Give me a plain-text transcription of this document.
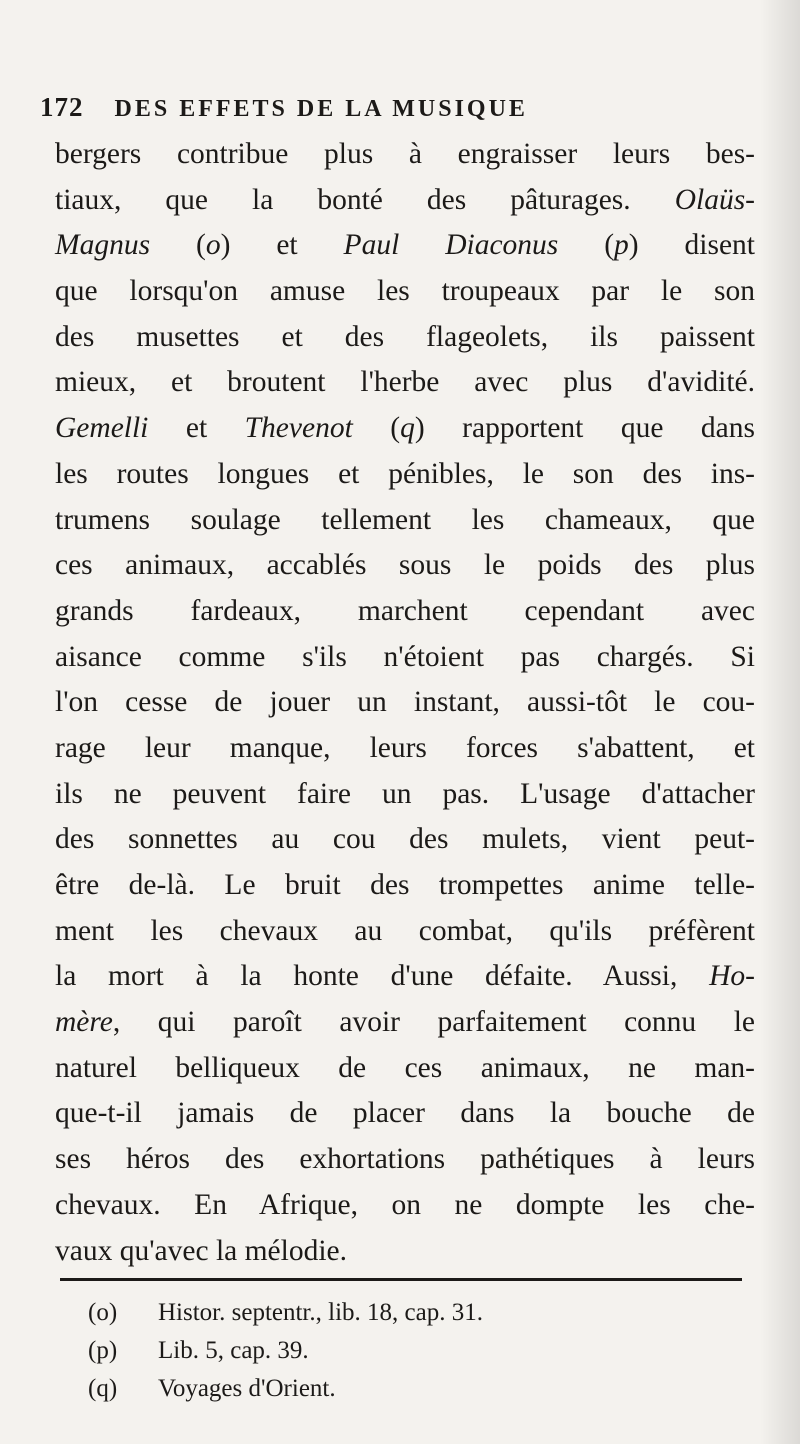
172 DES EFFETS DE LA MUSIQUE
bergers contribue plus à engraisser leurs bes-
tiaux, que la bonté des pâturages. Olaüs-
Magnus (o) et Paul Diaconus (p) disent
que lorsqu'on amuse les troupeaux par le son
des musettes et des flageolets, ils paissent
mieux, et broutent l'herbe avec plus d'avidité.
Gemelli et Thevenot (q) rapportent que dans
les routes longues et pénibles, le son des ins-
trumens soulage tellement les chameaux, que
ces animaux, accablés sous le poids des plus
grands fardeaux, marchent cependant avec
aisance comme s'ils n'étoient pas chargés. Si
l'on cesse de jouer un instant, aussi-tôt le cou-
rage leur manque, leurs forces s'abattent, et
ils ne peuvent faire un pas. L'usage d'attacher
des sonnettes au cou des mulets, vient peut-
être de-là. Le bruit des trompettes anime telle-
ment les chevaux au combat, qu'ils préfèrent
la mort à la honte d'une défaite. Aussi, Ho-
mère, qui paroît avoir parfaitement connu le
naturel belliqueux de ces animaux, ne man-
que-t-il jamais de placer dans la bouche de
ses héros des exhortations pathétiques à leurs
chevaux. En Afrique, on ne dompte les che-
vaux qu'avec la mélodie.
(o) Histor. septentr., lib. 18, cap. 31.
(p) Lib. 5, cap. 39.
(q) Voyages d'Orient.
